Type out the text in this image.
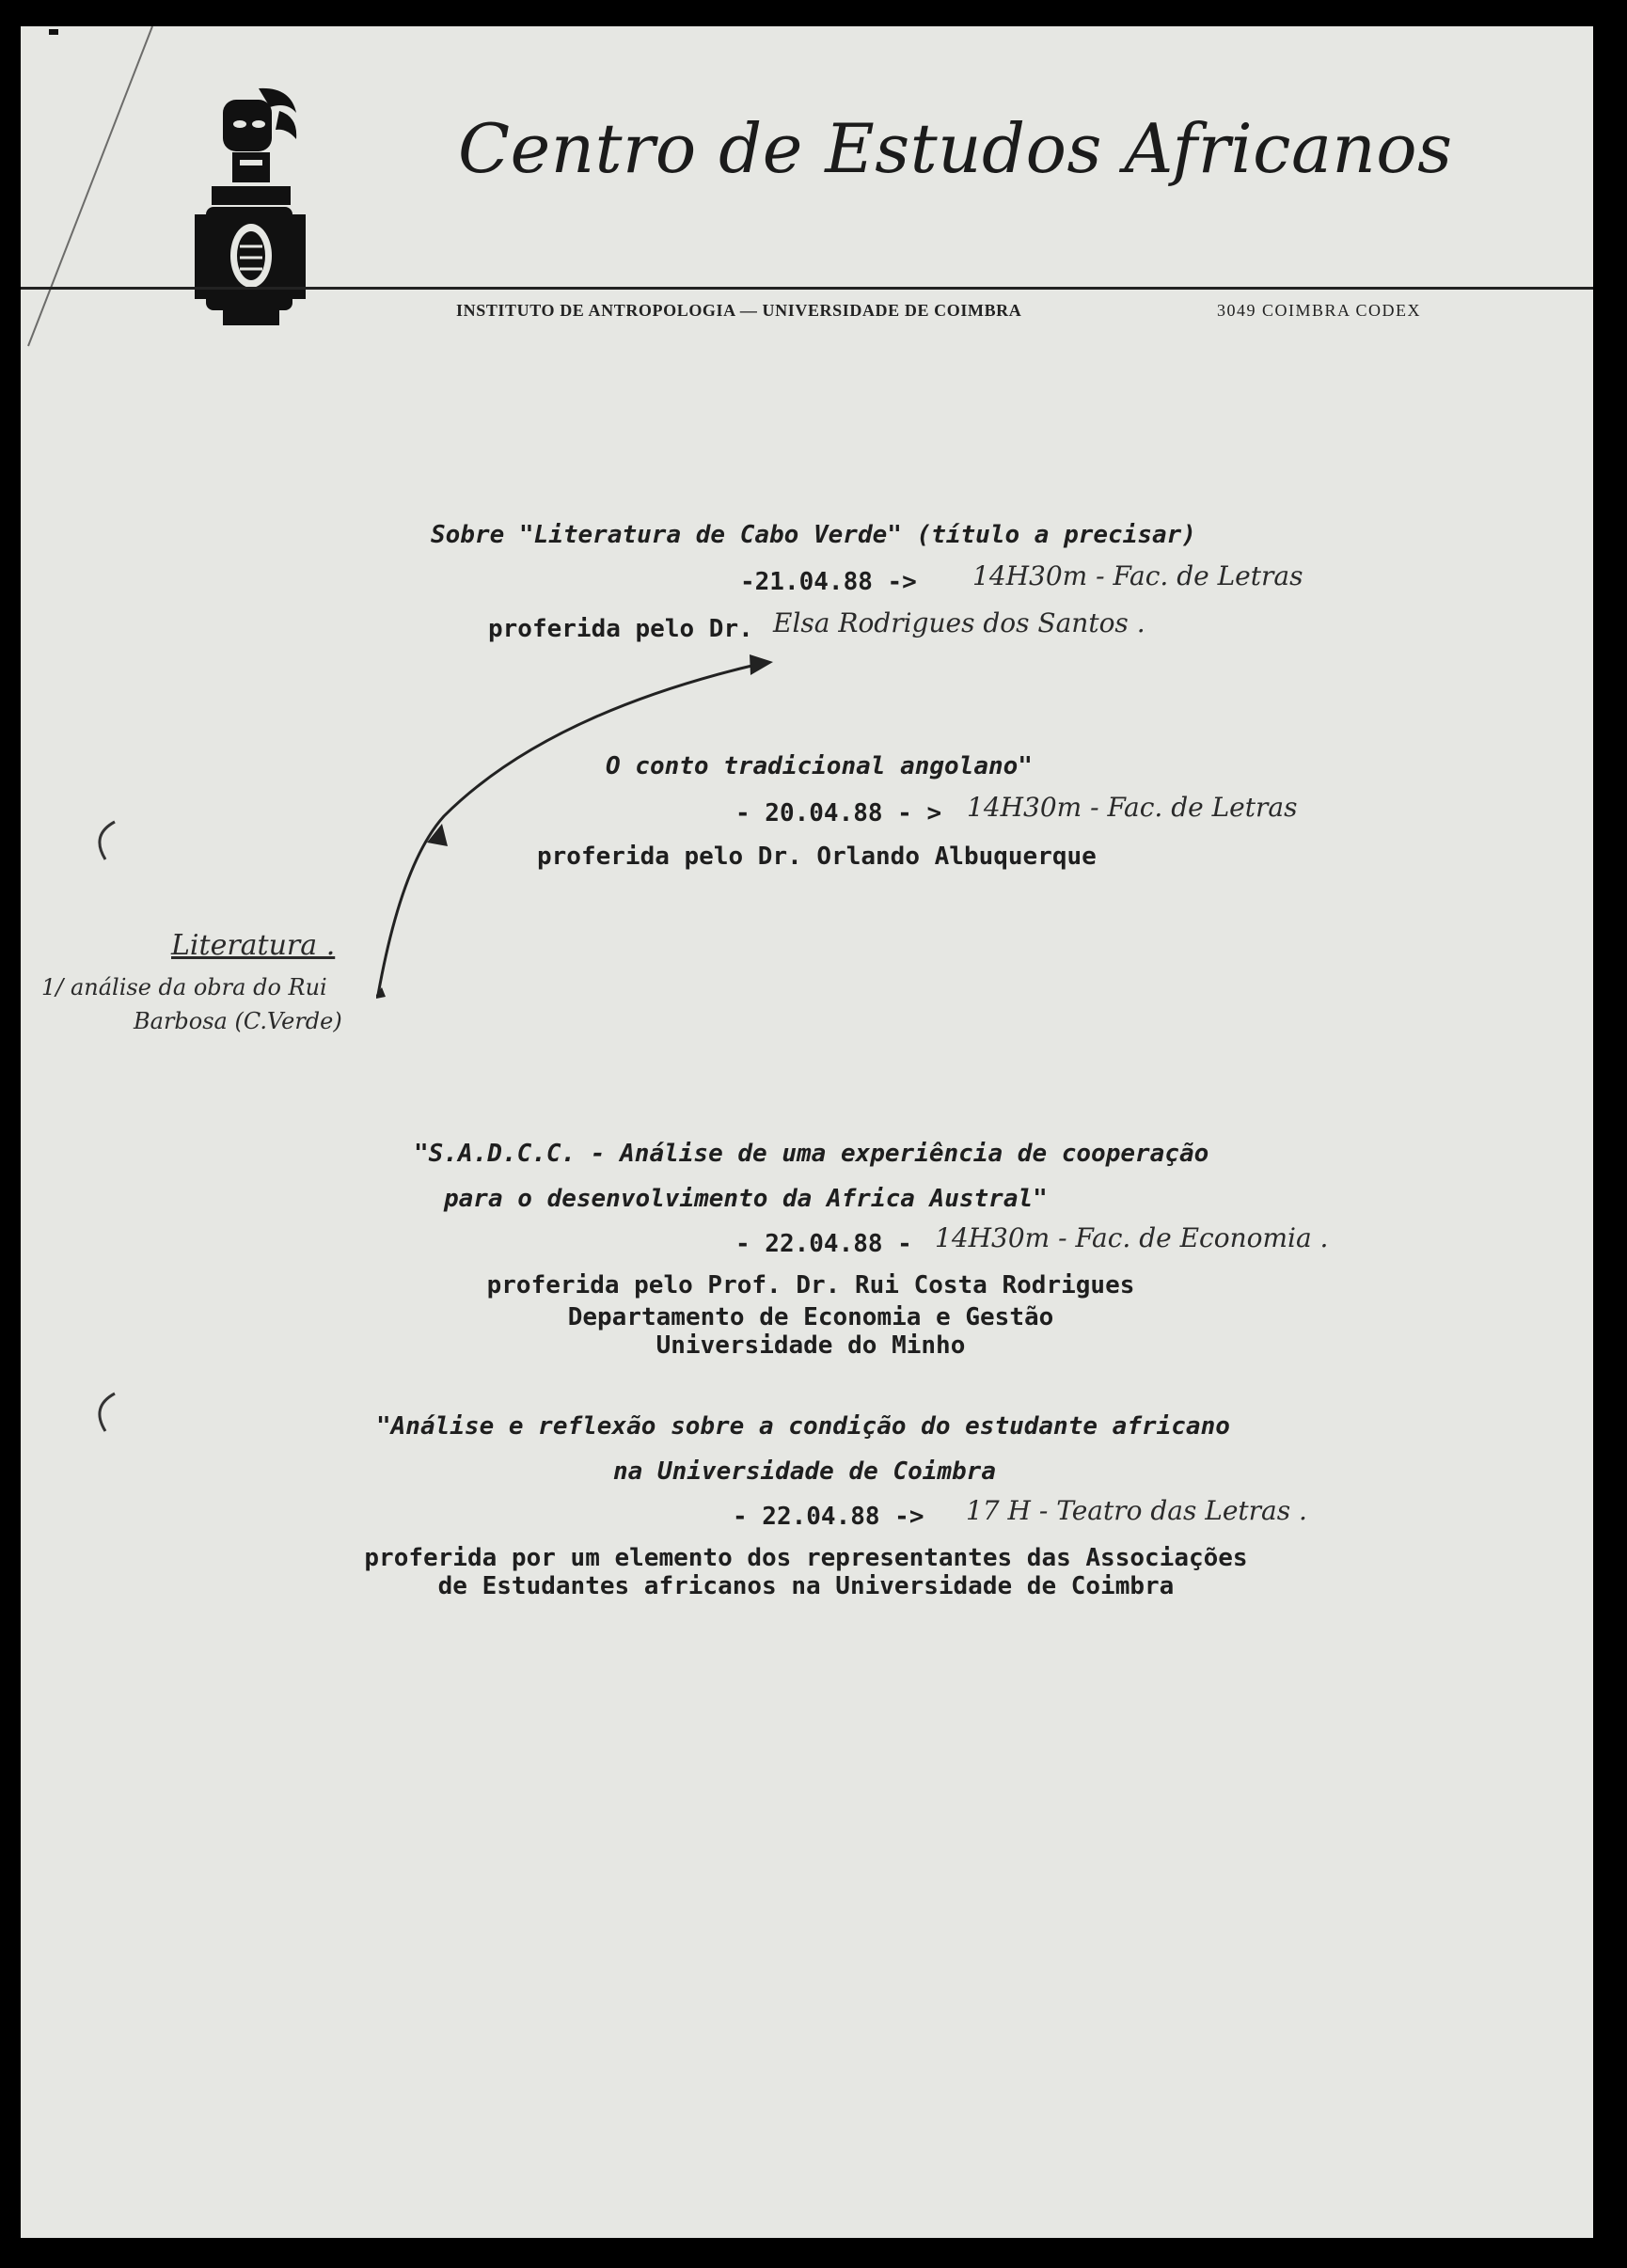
Centro de Estudos Africanos
INSTITUTO DE ANTROPOLOGIA — UNIVERSIDADE DE COIMBRA	3049 COIMBRA CODEX
Sobre "Literatura de Cabo Verde" (título a precisar)
-21.04.88 -> 14H30m - Fac. de Letras
proferida pelo Dr. Elsa Rodrigues dos Santos .
O conto tradicional angolano"
- 20.04.88 - > 14H30m - Fac. de Letras
proferida pelo Dr. Orlando Albuquerque
"S.A.D.C.C. - Análise de uma experiência de cooperação
para o desenvolvimento da Africa Austral"
- 22.04.88 - 14H30m - Fac. de Economia .
proferida pelo Prof. Dr. Rui Costa Rodrigues
Departamento de Economia e Gestão
Universidade do Minho
"Análise e reflexão sobre a condição do estudante africano
na Universidade de Coimbra
- 22.04.88 -> 17 H - Teatro das Letras .
proferida por um elemento dos representantes das Associações
de Estudantes africanos na Universidade de Coimbra
Literatura .
1/ análise da obra do Rui
Barbosa (C.Verde)
